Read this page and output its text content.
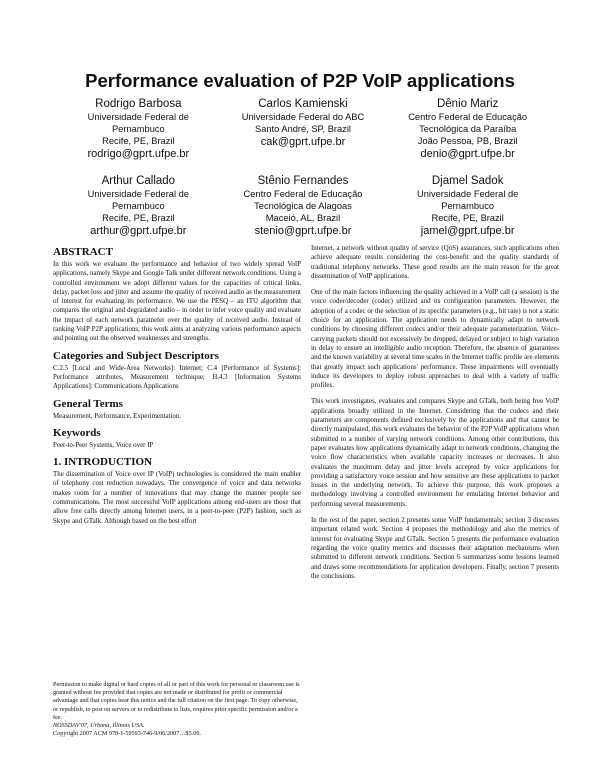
Performance evaluation of P2P VoIP applications
Rodrigo Barbosa
Universidade Federal de
Pernambuco
Recife, PE, Brazil
rodrigo@gprt.ufpe.br
Carlos Kamienski
Universidade Federal do ABC
Santo André, SP, Brazil
cak@gprt.ufpe.br
Dênio Mariz
Centro Federal de Educação
Tecnológica da Paraíba
João Pessoa, PB, Brazil
denio@gprt.ufpe.br
Arthur Callado
Universidade Federal de
Pernambuco
Recife, PE, Brazil
arthur@gprt.ufpe.br
Stênio Fernandes
Centro Federal de Educação
Tecnológica de Alagoas
Maceió, AL, Brazil
stenio@gprt.ufpe.br
Djamel Sadok
Universidade Federal de
Pernambuco
Recife, PE, Brazil
jamel@gprt.ufpe.br
ABSTRACT

In this work we evaluate the performance and behavior of two widely spread VoIP applications, namely Skype and Google Talk under different network conditions. Using a controlled environment we adopt different values for the capacities of critical links, delay, packet loss and jitter and assume the quality of received audio as the measurement of interest for evaluating its performance. We use the PESQ – an ITU algorithm that compares the original and degradated audio – in order to infer voice quality and evaluate the impact of each network parameter over the quality of received audio. Instead of ranking VoIP P2P applications, this work aims at analyzing various performance aspects and pointing out the observed weaknesses and strengths.

Categories and Subject Descriptors

C.2.5 [Local and Wide-Area Networks]: Internet; C.4 [Performance of Systems]: Performance attributes, Measurement technique; H.4.3 [Information Systems Applications]: Communications Applications

General Terms

Measurement, Performance, Experimentation.

Keywords

Peer-to-Peer Systems, Voice over IP

1. INTRODUCTION

The dissemination of Voice over IP (VoIP) technologies is considered the main enabler of telephony cost reduction nowadays. The convergence of voice and data networks makes room for a number of innovations that may change the manner people see communications. The most successful VoIP applications among end-users are those that allow free calls directly among Internet users, in a peer-to-peer (P2P) fashion, such as Skype and GTalk. Although based on the best effort

Permission to make digital or hard copies of all or part of this work for personal or classroom use is granted without fee provided that copies are not made or distributed for profit or commercial advantage and that copies bear this notice and the full citation on the first page. To copy otherwise, or republish, to post on servers or to redistribute to lists, requires prior specific permission and/or a fee.

NOSSDAV'07, Urbana, Illinois USA.

Copyright 2007 ACM 978-1-59593-746-9/06/2007…$5.00.

Internet, a network without quality of service (QoS) assurances, such applications often achieve adequate results considering the cost-benefit and the quality standards of traditional telephony networks. These good results are the main reason for the great dissemination of VoIP applications.

One of the main factors influencing the quality achieved in a VoIP call (a session) is the voice coder/decoder (codec) utilized and its configuration parameters. However, the adoption of a codec or the selection of its specific parameters (e.g., bit rate) is not a static choice for an application. The application needs to dynamically adapt to network conditions by choosing different codecs and/or their adequate parameterization. Voice-carrying packets should not excessively be dropped, delayed or subject to high variation in delay to ensure an intelligible audio reception. Therefore, the absence of guarantees and the known variability at several time scales in the Internet traffic profile are elements that greatly impact such applications' performance. These impairments will eventually induce its developers to deploy robust approaches to deal with a variety of traffic profiles.

This work investigates, evaluates and compares Skype and GTalk, both being free VoIP applications broadly utilized in the Internet. Considering that the codecs and their parameters are components defined exclusively by the applications and that cannot be directly manipulated, this work evaluates the behavior of the P2P VoIP applications when submitted to a number of varying network conditions. Among other contributions, this paper evaluates how applications dynamically adapt to network conditions, changing the voice flow characteristics when available capacity increases or decreases. It also evaluates the maximum delay and jitter levels accepted by voice applications for providing a satisfactory voice session and how sensitive are these applications to packet losses in the underlying network. To achieve this purpose, this work proposes a methodology involving a controlled environment for emulating Internet behavior and performing several measurements.

In the rest of the paper, section 2 presents some VoIP fundamentals; section 3 discusses important related work. Section 4 proposes the methodology and also the metrics of interest for evaluating Skype and GTalk. Section 5 presents the performance evaluation regarding the voice quality metrics and discusses their adaptation mechanisms when submitted to different network conditions. Section 6 summarizes some lessons learned and draws some recommendations for application developers. Finally, section 7 presents the conclusions.
